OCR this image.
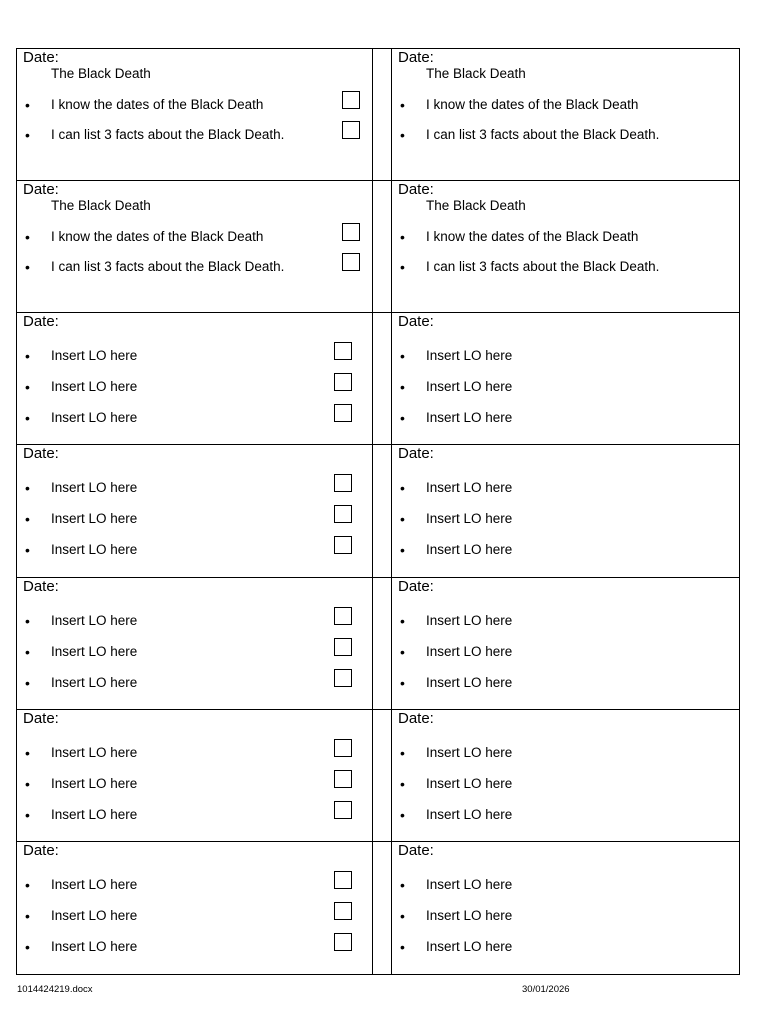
Date:
The Black Death
• I know the dates of the Black Death
• I can list 3 facts about the Black Death.
Date:
The Black Death
• I know the dates of the Black Death
• I can list 3 facts about the Black Death.
Date:
• Insert LO here
• Insert LO here
• Insert LO here
Date:
• Insert LO here
• Insert LO here
• Insert LO here
Date:
• Insert LO here
• Insert LO here
• Insert LO here
Date:
• Insert LO here
• Insert LO here
• Insert LO here
Date:
• Insert LO here
• Insert LO here
• Insert LO here
Date:
The Black Death
• I know the dates of the Black Death
• I can list 3 facts about the Black Death.
Date:
The Black Death
• I know the dates of the Black Death
• I can list 3 facts about the Black Death.
Date:
• Insert LO here
• Insert LO here
• Insert LO here
Date:
• Insert LO here
• Insert LO here
• Insert LO here
Date:
• Insert LO here
• Insert LO here
• Insert LO here
Date:
• Insert LO here
• Insert LO here
• Insert LO here
Date:
• Insert LO here
• Insert LO here
• Insert LO here
1014424219.docx	30/01/2026
